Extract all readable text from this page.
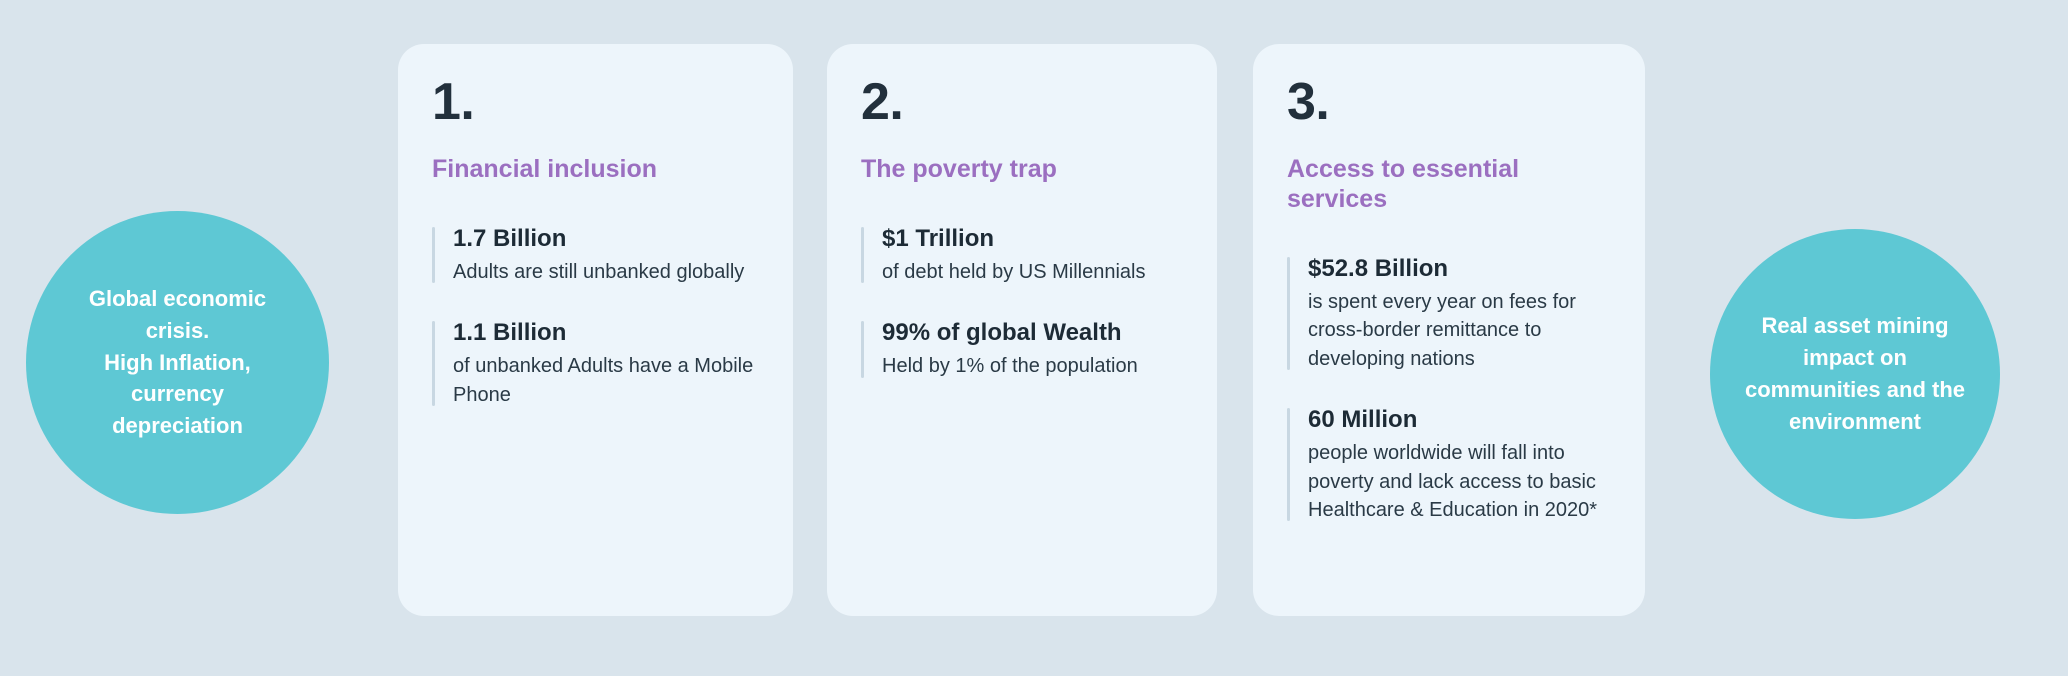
Global economic
crisis.
High Inflation,
currency
depreciation

1.
Financial inclusion
1.7 Billion
Adults are still unbanked globally
1.1 Billion
of unbanked Adults have a Mobile Phone
2.
The poverty trap
$1 Trillion
of debt held by US Millennials
99% of global Wealth
Held by 1% of the population
3.
Access to essential services
$52.8 Billion
is spent every year on fees for cross-border remittance to developing nations
60 Million
people worldwide will fall into poverty and lack access to basic Healthcare & Education in 2020*

Real asset mining
impact on
communities and the
environment
